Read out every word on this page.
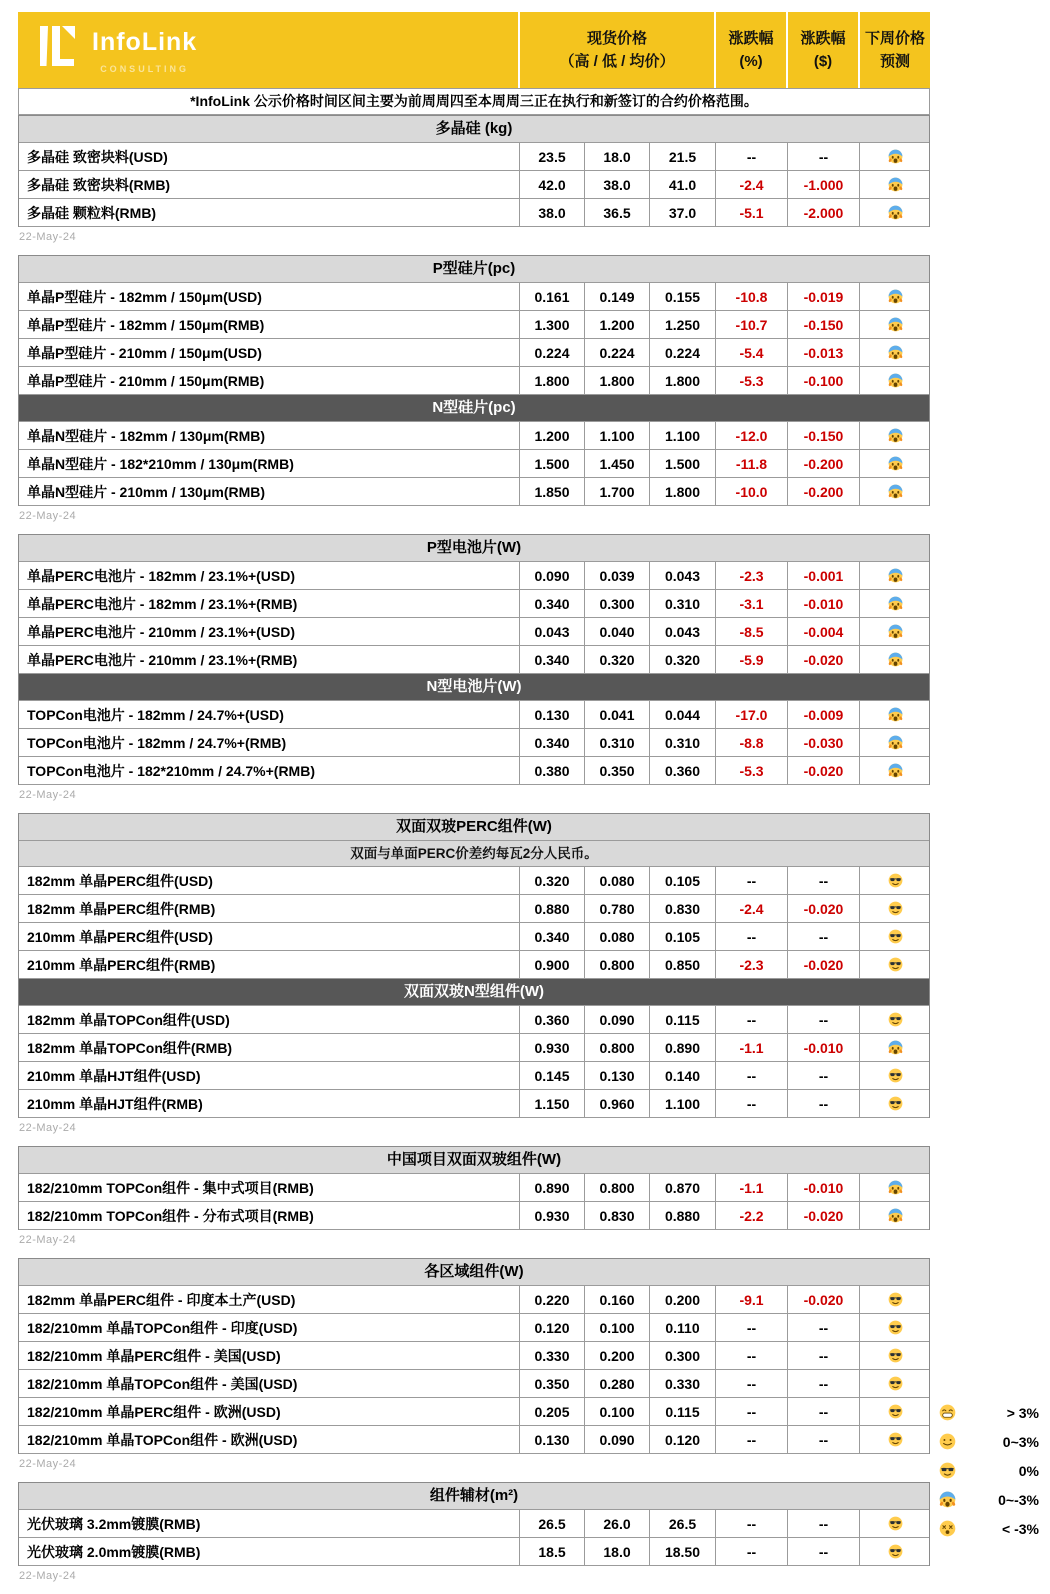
InfoLink
CONSULTING
现货价格
（高 / 低 / 均价）
涨跌幅
(%)
涨跌幅
($)
下周价格
预测
*InfoLink 公示价格时间区间主要为前周周四至本周周三正在执行和新签订的合约价格范围。
多晶硅 (kg)
多晶硅 致密块料(USD)	23.5	18.0	21.5	--	--
多晶硅 致密块料(RMB)	42.0	38.0	41.0	-2.4	-1.000
多晶硅 颗粒料(RMB)	38.0	36.5	37.0	-5.1	-2.000
22-May-24
P型硅片(pc)
单晶P型硅片 - 182mm / 150μm(USD)	0.161	0.149	0.155	-10.8	-0.019
单晶P型硅片 - 182mm / 150μm(RMB)	1.300	1.200	1.250	-10.7	-0.150
单晶P型硅片 - 210mm / 150μm(USD)	0.224	0.224	0.224	-5.4	-0.013
单晶P型硅片 - 210mm / 150μm(RMB)	1.800	1.800	1.800	-5.3	-0.100
N型硅片(pc)
单晶N型硅片 - 182mm / 130μm(RMB)	1.200	1.100	1.100	-12.0	-0.150
单晶N型硅片 - 182*210mm / 130μm(RMB)	1.500	1.450	1.500	-11.8	-0.200
单晶N型硅片 - 210mm / 130μm(RMB)	1.850	1.700	1.800	-10.0	-0.200
22-May-24
P型电池片(W)
单晶PERC电池片 - 182mm / 23.1%+(USD)	0.090	0.039	0.043	-2.3	-0.001
单晶PERC电池片 - 182mm / 23.1%+(RMB)	0.340	0.300	0.310	-3.1	-0.010
单晶PERC电池片 - 210mm / 23.1%+(USD)	0.043	0.040	0.043	-8.5	-0.004
单晶PERC电池片 - 210mm / 23.1%+(RMB)	0.340	0.320	0.320	-5.9	-0.020
N型电池片(W)
TOPCon电池片 - 182mm / 24.7%+(USD)	0.130	0.041	0.044	-17.0	-0.009
TOPCon电池片 - 182mm / 24.7%+(RMB)	0.340	0.310	0.310	-8.8	-0.030
TOPCon电池片 - 182*210mm / 24.7%+(RMB)	0.380	0.350	0.360	-5.3	-0.020
22-May-24
双面双玻PERC组件(W)
双面与单面PERC价差约每瓦2分人民币。
182mm 单晶PERC组件(USD)	0.320	0.080	0.105	--	--
182mm 单晶PERC组件(RMB)	0.880	0.780	0.830	-2.4	-0.020
210mm 单晶PERC组件(USD)	0.340	0.080	0.105	--	--
210mm 单晶PERC组件(RMB)	0.900	0.800	0.850	-2.3	-0.020
双面双玻N型组件(W)
182mm 单晶TOPCon组件(USD)	0.360	0.090	0.115	--	--
182mm 单晶TOPCon组件(RMB)	0.930	0.800	0.890	-1.1	-0.010
210mm 单晶HJT组件(USD)	0.145	0.130	0.140	--	--
210mm 单晶HJT组件(RMB)	1.150	0.960	1.100	--	--
22-May-24
中国项目双面双玻组件(W)
182/210mm TOPCon组件 - 集中式项目(RMB)	0.890	0.800	0.870	-1.1	-0.010
182/210mm TOPCon组件 - 分布式项目(RMB)	0.930	0.830	0.880	-2.2	-0.020
22-May-24
各区域组件(W)
182mm 单晶PERC组件 - 印度本土产(USD)	0.220	0.160	0.200	-9.1	-0.020
182/210mm 单晶TOPCon组件 - 印度(USD)	0.120	0.100	0.110	--	--
182/210mm 单晶PERC组件 - 美国(USD)	0.330	0.200	0.300	--	--
182/210mm 单晶TOPCon组件 - 美国(USD)	0.350	0.280	0.330	--	--
182/210mm 单晶PERC组件 - 欧洲(USD)	0.205	0.100	0.115	--	--
182/210mm 单晶TOPCon组件 - 欧洲(USD)	0.130	0.090	0.120	--	--
22-May-24
组件辅材(m²)
光伏玻璃 3.2mm镀膜(RMB)	26.5	26.0	26.5	--	--
光伏玻璃 2.0mm镀膜(RMB)	18.5	18.0	18.50	--	--
22-May-24
> 3%
0~3%
0%
0~-3%
< -3%
